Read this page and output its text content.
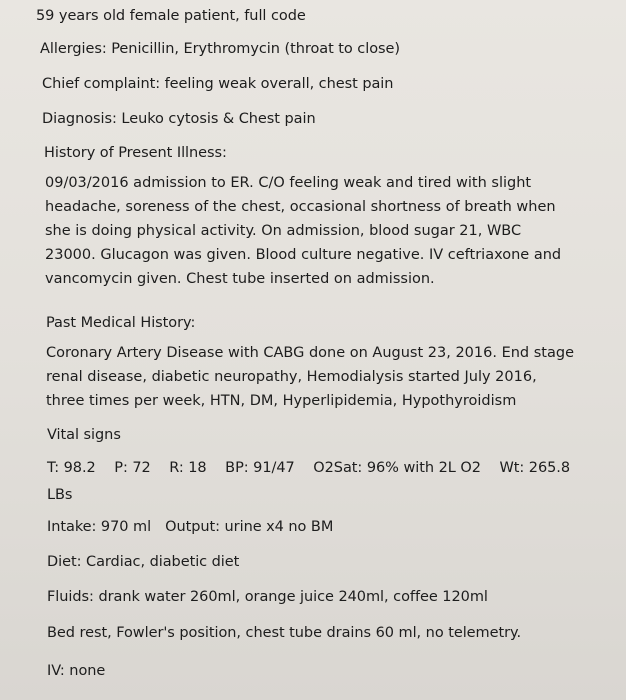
59 years old female patient, full code
Allergies: Penicillin, Erythromycin (throat to close)
Chief complaint: feeling weak overall, chest pain
Diagnosis: Leuko cytosis & Chest pain
History of Present Illness:
09/03/2016 admission to ER. C/O feeling weak and tired with slight
headache, soreness of the chest, occasional shortness of breath when
she is doing physical activity. On admission, blood sugar 21, WBC
23000. Glucagon was given. Blood culture negative. IV ceftriaxone and
vancomycin given. Chest tube inserted on admission.
Past Medical History:
Coronary Artery Disease with CABG done on August 23, 2016. End stage
renal disease, diabetic neuropathy, Hemodialysis started July 2016,
three times per week, HTN, DM, Hyperlipidemia, Hypothyroidism
Vital signs
T: 98.2 P: 72 R: 18 BP: 91/47 O2Sat: 96% with 2L O2 Wt: 265.8
LBs
Intake: 970 ml Output: urine x4 no BM
Diet: Cardiac, diabetic diet
Fluids: drank water 260ml, orange juice 240ml, coffee 120ml
Bed rest, Fowler's position, chest tube drains 60 ml, no telemetry.
IV: none
